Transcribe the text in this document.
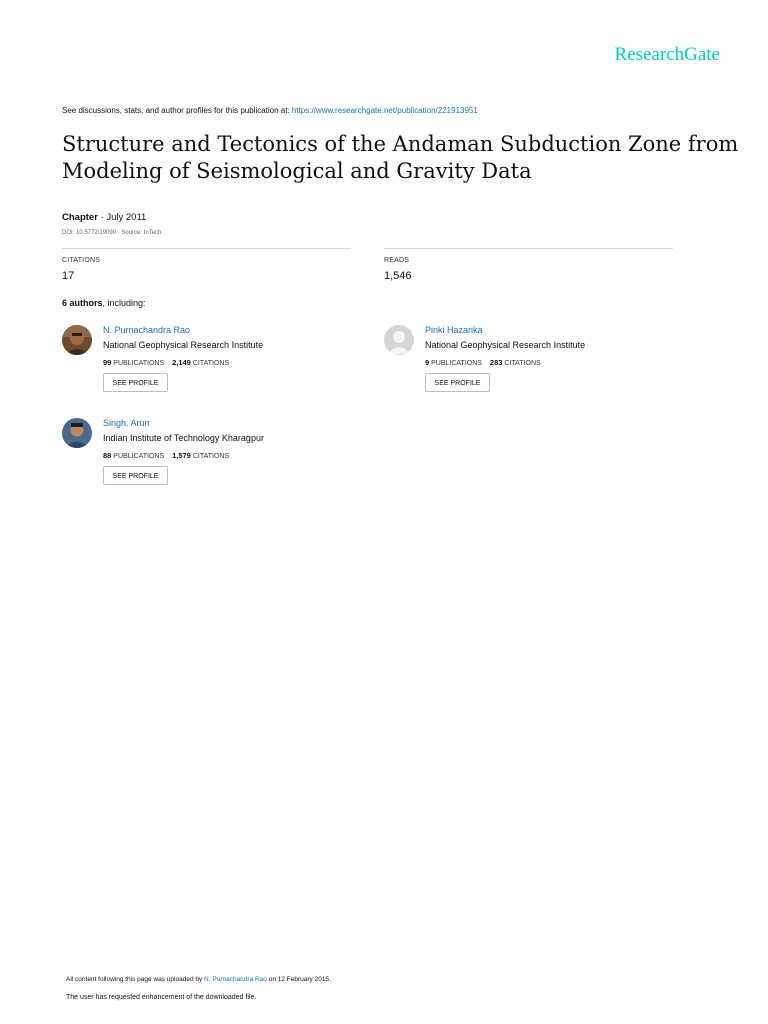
ResearchGate
See discussions, stats, and author profiles for this publication at: https://www.researchgate.net/publication/221913951
Structure and Tectonics of the Andaman Subduction Zone from Modeling of Seismological and Gravity Data
Chapter · July 2011
DOI: 10.5772/19090 · Source: InTech
CITATIONS
17
READS
1,546
6 authors, including:
N. Purnachandra Rao
National Geophysical Research Institute
99 PUBLICATIONS 2,149 CITATIONS
SEE PROFILE
Pinki Hazarika
National Geophysical Research Institute
9 PUBLICATIONS 283 CITATIONS
SEE PROFILE
Singh. Arun
Indian Institute of Technology Kharagpur
88 PUBLICATIONS 1,579 CITATIONS
SEE PROFILE
All content following this page was uploaded by N. Purnachandra Rao on 12 February 2015.
The user has requested enhancement of the downloaded file.
